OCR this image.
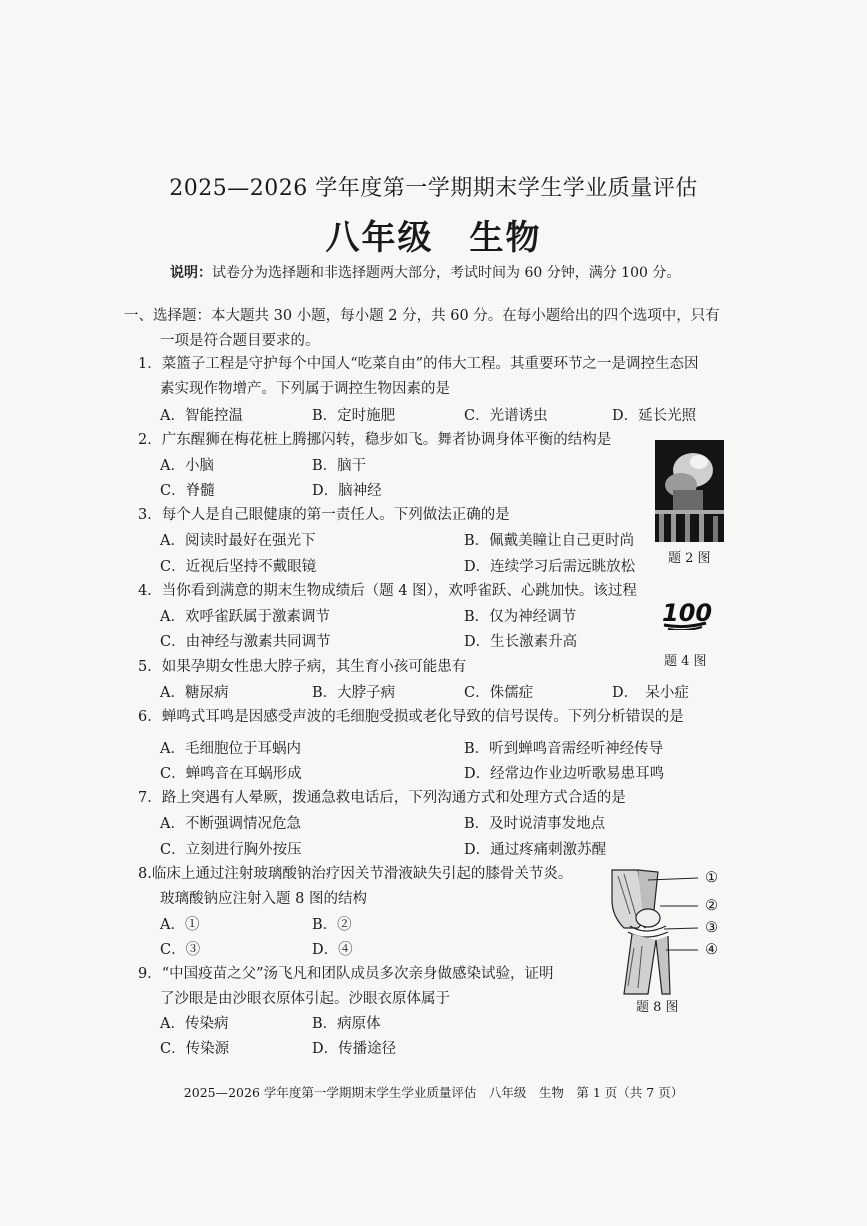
2025—2026 学年度第一学期期末学生学业质量评估
八年级　生物
说明：试卷分为选择题和非选择题两大部分，考试时间为 60 分钟，满分 100 分。
一、选择题：本大题共 30 小题，每小题 2 分，共 60 分。在每小题给出的四个选项中，只有
一项是符合题目要求的。
1．菜篮子工程是守护每个中国人“吃菜自由”的伟大工程。其重要环节之一是调控生态因
素实现作物增产。下列属于调控生物因素的是
A．智能控温	B．定时施肥	C．光谱诱虫	D．延长光照
2．广东醒狮在梅花桩上腾挪闪转，稳步如飞。舞者协调身体平衡的结构是
A．小脑	B．脑干
C．脊髓	D．脑神经
题 2 图
3．每个人是自己眼健康的第一责任人。下列做法正确的是
A．阅读时最好在强光下	B．佩戴美瞳让自己更时尚
C．近视后坚持不戴眼镜	D．连续学习后需远眺放松
4．当你看到满意的期末生物成绩后（题 4 图），欢呼雀跃、心跳加快。该过程
A．欢呼雀跃属于激素调节	B．仅为神经调节
C．由神经与激素共同调节	D．生长激素升高
100
题 4 图
5．如果孕期女性患大脖子病，其生育小孩可能患有
A．糖尿病	B．大脖子病	C．侏儒症	D．　呆小症
6．蝉鸣式耳鸣是因感受声波的毛细胞受损或老化导致的信号误传。下列分析错误的是
A．毛细胞位于耳蜗内	B．听到蝉鸣音需经听神经传导
C．蝉鸣音在耳蜗形成	D．经常边作业边听歌易患耳鸣
7．路上突遇有人晕厥，拨通急救电话后，下列沟通方式和处理方式合适的是
A．不断强调情况危急	B．及时说清事发地点
C．立刻进行胸外按压	D．通过疼痛刺激苏醒
8.临床上通过注射玻璃酸钠治疗因关节滑液缺失引起的膝骨关节炎。
玻璃酸钠应注射入题 8 图的结构
A．①	B．②
C．③	D．④
①
②
③
④
题 8 图
9．“中国疫苗之父”汤飞凡和团队成员多次亲身做感染试验，证明
了沙眼是由沙眼衣原体引起。沙眼衣原体属于
A．传染病	B．病原体
C．传染源	D．传播途径
2025—2026 学年度第一学期期末学生学业质量评估　八年级　生物　第 1 页（共 7 页）
